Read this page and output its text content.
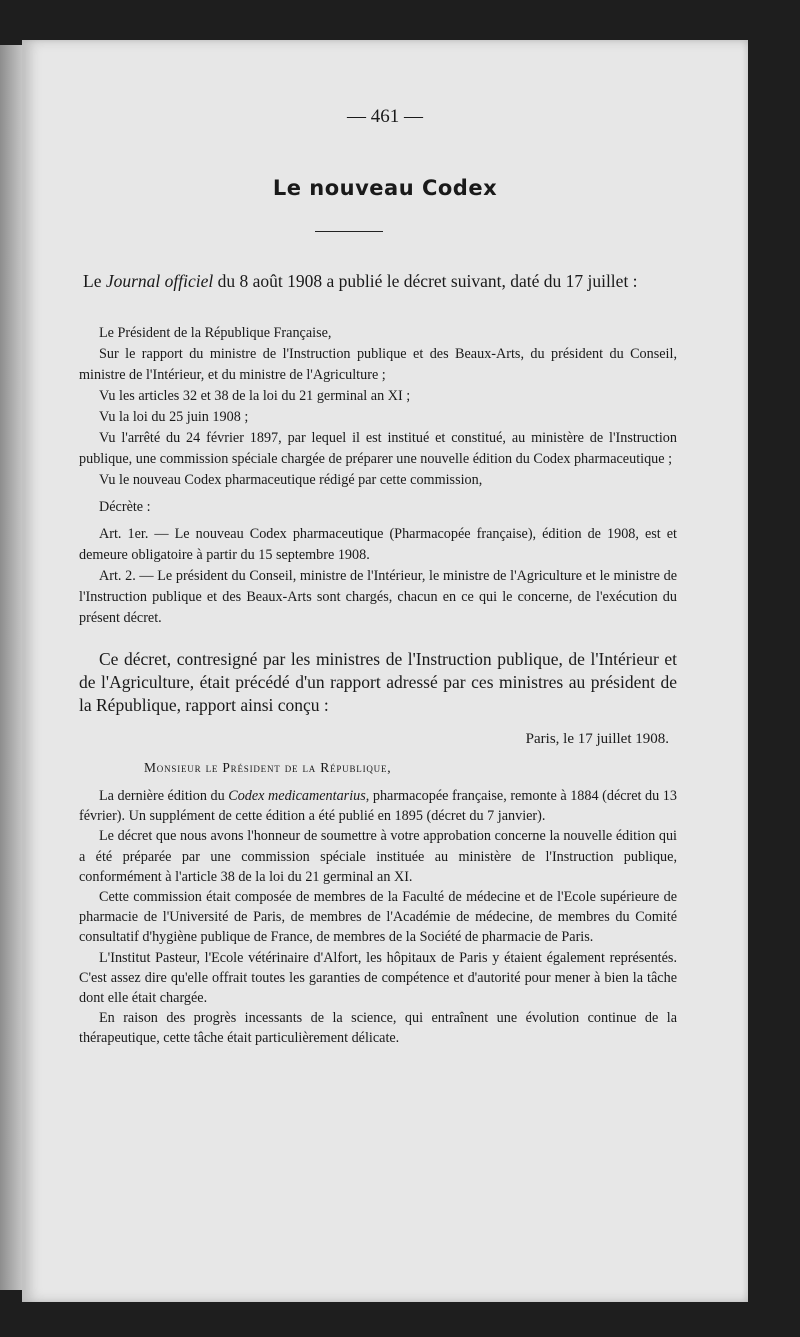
— 461 —
Le nouveau Codex

Le Journal officiel du 8 août 1908 a publié le décret suivant, daté du 17 juillet :

Le Président de la République Française,

Sur le rapport du ministre de l'Instruction publique et des Beaux-Arts, du président du Conseil, ministre de l'Intérieur, et du ministre de l'Agriculture ;

Vu les articles 32 et 38 de la loi du 21 germinal an XI ;

Vu la loi du 25 juin 1908 ;

Vu l'arrêté du 24 février 1897, par lequel il est institué et constitué, au ministère de l'Instruction publique, une commission spéciale chargée de préparer une nouvelle édition du Codex pharmaceutique ;

Vu le nouveau Codex pharmaceutique rédigé par cette commission,

Décrète :

Art. 1er. — Le nouveau Codex pharmaceutique (Pharmacopée française), édition de 1908, est et demeure obligatoire à partir du 15 septembre 1908.

Art. 2. — Le président du Conseil, ministre de l'Intérieur, le ministre de l'Agriculture et le ministre de l'Instruction publique et des Beaux-Arts sont chargés, chacun en ce qui le concerne, de l'exécution du présent décret.

Ce décret, contresigné par les ministres de l'Instruction publique, de l'Intérieur et de l'Agriculture, était précédé d'un rapport adressé par ces ministres au président de la République, rapport ainsi conçu :

Paris, le 17 juillet 1908.
Monsieur le Président de la République,

La dernière édition du Codex medicamentarius, pharmacopée française, remonte à 1884 (décret du 13 février). Un supplément de cette édition a été publié en 1895 (décret du 7 janvier).

Le décret que nous avons l'honneur de soumettre à votre approbation concerne la nouvelle édition qui a été préparée par une commission spéciale instituée au ministère de l'Instruction publique, conformément à l'article 38 de la loi du 21 germinal an XI.

Cette commission était composée de membres de la Faculté de médecine et de l'Ecole supérieure de pharmacie de l'Université de Paris, de membres de l'Académie de médecine, de membres du Comité consultatif d'hygiène publique de France, de membres de la Société de pharmacie de Paris.

L'Institut Pasteur, l'Ecole vétérinaire d'Alfort, les hôpitaux de Paris y étaient également représentés. C'est assez dire qu'elle offrait toutes les garanties de compétence et d'autorité pour mener à bien la tâche dont elle était chargée.

En raison des progrès incessants de la science, qui entraînent une évolution continue de la thérapeutique, cette tâche était particulièrement délicate.
